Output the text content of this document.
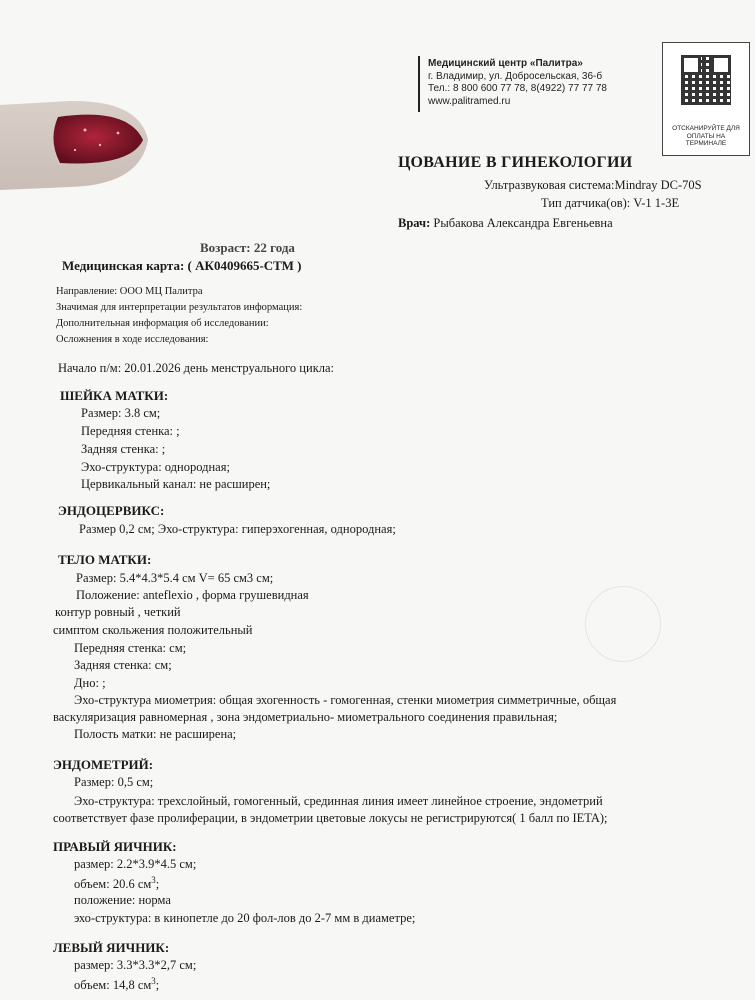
Медицинский центр «Палитра»
г. Владимир, ул. Добросельская, 36-б
Тел.: 8 800 600 77 78, 8(4922) 77 77 78
www.palitramed.ru
ОТСКАНИРУЙТЕ ДЛЯ ОПЛАТЫ НА ТЕРМИНАЛЕ
ЦОВАНИЕ В ГИНЕКОЛОГИИ
Ультразвуковая система:Mindray DC-70S
Тип датчика(ов): V-1 1-3E
Врач: Рыбакова Александра Евгеньевна
Возраст: 22 года
Медицинская карта: ( АК0409665-СТМ )
Направление: ООО МЦ Палитра
Значимая для интерпретации результатов информация:
Дополнительная информация об исследовании:
Осложнения в ходе исследования:
Начало п/м: 20.01.2026 день менструального цикла:
ШЕЙКА МАТКИ:
Размер: 3.8 см;
Передняя стенка: ;
Задняя стенка: ;
Эхо-структура: однородная;
Цервикальный канал: не расширен;
ЭНДОЦЕРВИКС:
Размер 0,2 см; Эхо-структура: гиперэхогенная, однородная;
ТЕЛО МАТКИ:
Размер: 5.4*4.3*5.4 см V= 65 см3 см;
Положение: anteflexio , форма грушевидная
контур ровный , четкий
симптом скольжения положительный
Передняя стенка: см;
Задняя стенка: см;
Дно: ;
Эхо-структура миометрия: общая эхогенность - гомогенная, стенки миометрия симметричные, общая
васкуляризация равномерная , зона эндометриально- миометрального соединения правильная;
Полость матки: не расширена;
ЭНДОМЕТРИЙ:
Размер: 0,5 см;
Эхо-структура: трехслойный, гомогенный, срединная линия имеет линейное строение, эндометрий
соответствует фазе пролиферации, в эндометрии цветовые локусы не регистрируются( 1 балл по IETA);
ПРАВЫЙ ЯИЧНИК:
размер: 2.2*3.9*4.5 см;
объем: 20.6 $см^3$;
положение: норма
эхо-структура: в кинопетле до 20 фол-лов до 2-7 мм в диаметре;
ЛЕВЫЙ ЯИЧНИК:
размер: 3.3*3.3*2,7 см;
объем: 14,8 $см^3$;
